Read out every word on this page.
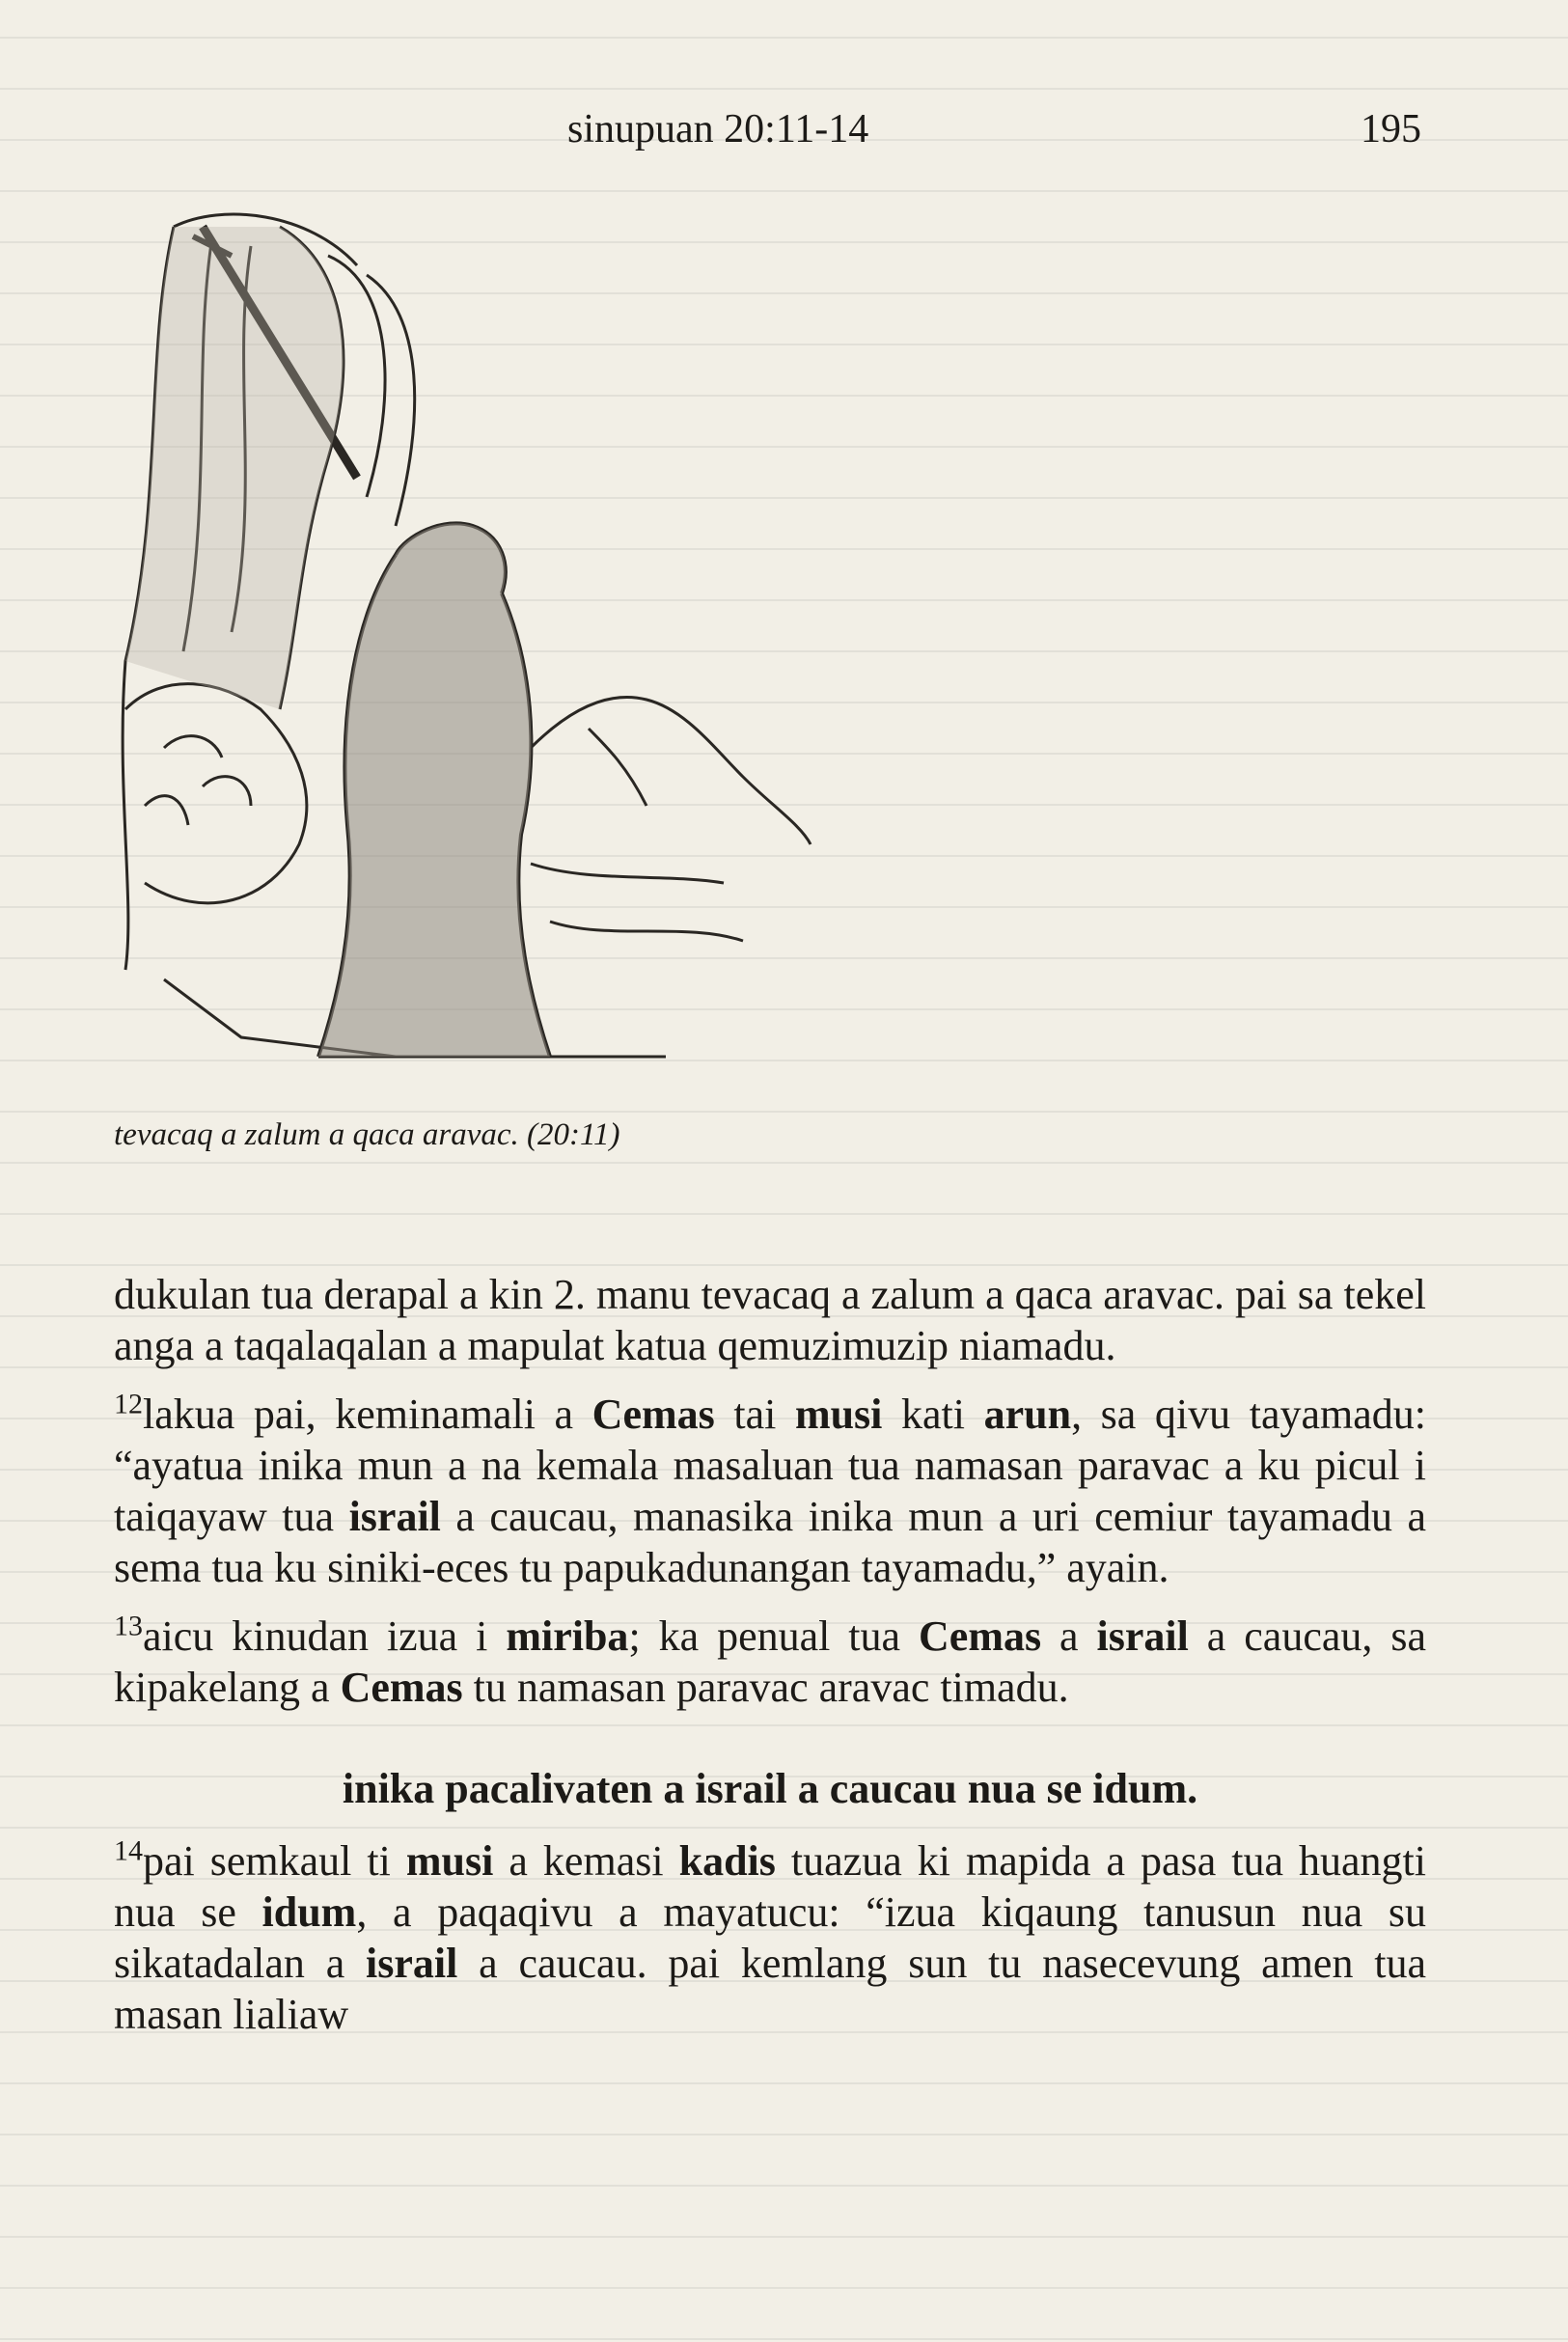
sinupuan 20:11-14	195
tevacaq a zalum a qaca aravac. (20:11)

dukulan tua derapal a kin 2. manu tevacaq a zalum a qaca aravac. pai sa tekel anga a taqalaqalan a mapulat katua qemuzimuzip niamadu.

$^{12}$lakua pai, keminamali a Cemas tai musi kati arun, sa qivu tayamadu: “ayatua inika mun a na kemala masaluan tua namasan paravac a ku picul i taiqayaw tua israil a caucau, manasika inika mun a uri cemiur tayamadu a sema tua ku siniki-eces tu papukadunangan tayamadu,” ayain.

$^{13}$aicu kinudan izua i miriba; ka penual tua Cemas a israil a caucau, sa kipakelang a Cemas tu namasan paravac aravac timadu.

inika pacalivaten a israil a caucau nua se idum.

$^{14}$pai semkaul ti musi a kemasi kadis tuazua ki mapida a pasa tua huangti nua se idum, a paqaqivu a mayatucu: “izua kiqaung tanusun nua su sikatadalan a israil a caucau. pai kemlang sun tu nasecevung amen tua masan lialiaw
